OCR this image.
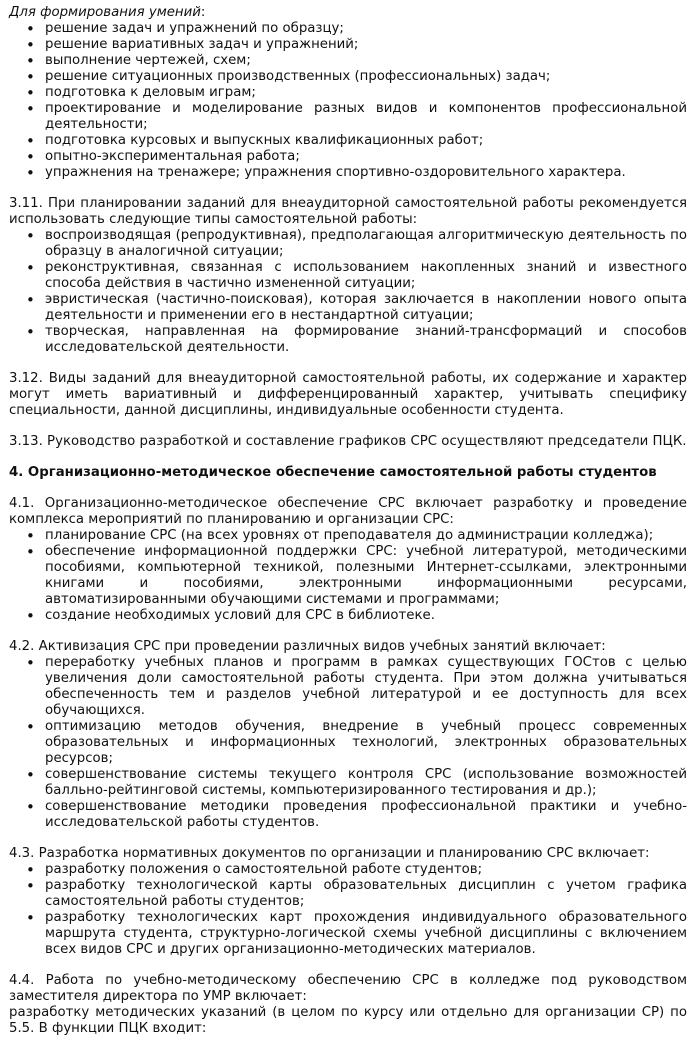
Для формирования умений:

• решение задач и упражнений по образцу;
• решение вариативных задач и упражнений;
• выполнение чертежей, схем;
• решение ситуационных производственных (профессиональных) задач;
• подготовка к деловым играм;
• проектирование и моделирование разных видов и компонентов профессиональной деятельности;
• подготовка курсовых и выпускных квалификационных работ;
• опытно-экспериментальная работа;
• упражнения на тренажере; упражнения спортивно-оздоровительного характера.

3.11. При планировании заданий для внеаудиторной самостоятельной работы рекомендуется использовать следующие типы самостоятельной работы:

• воспроизводящая (репродуктивная), предполагающая алгоритмическую деятельность по образцу в аналогичной ситуации;
• реконструктивная, связанная с использованием накопленных знаний и известного способа действия в частично измененной ситуации;
• эвристическая (частично-поисковая), которая заключается в накоплении нового опыта деятельности и применении его в нестандартной ситуации;
• творческая, направленная на формирование знаний-трансформаций и способов исследовательской деятельности.

3.12. Виды заданий для внеаудиторной самостоятельной работы, их содержание и характер могут иметь вариативный и дифференцированный характер, учитывать специфику специальности, данной дисциплины, индивидуальные особенности студента.

3.13. Руководство разработкой и составление графиков СРС осуществляют председатели ПЦК.

4. Организационно-методическое обеспечение самостоятельной работы студентов

4.1. Организационно-методическое обеспечение СРС включает разработку и проведение комплекса мероприятий по планированию и организации СРС:

• планирование СРС (на всех уровнях от преподавателя до администрации колледжа);
• обеспечение информационной поддержки СРС: учебной литературой, методическими пособиями, компьютерной техникой, полезными Интернет-ссылками, электронными книгами и пособиями, электронными информационными ресурсами, автоматизированными обучающими системами и программами;
• создание необходимых условий для СРС в библиотеке.

4.2. Активизация СРС при проведении различных видов учебных занятий включает:

• переработку учебных планов и программ в рамках существующих ГОСтов с целью увеличения доли самостоятельной работы студента. При этом должна учитываться обеспеченность тем и разделов учебной литературой и ее доступность для всех обучающихся.
• оптимизацию методов обучения, внедрение в учебный процесс современных образовательных и информационных технологий, электронных образовательных ресурсов;
• совершенствование системы текущего контроля СРС (использование возможностей балльно-рейтинговой системы, компьютеризированного тестирования и др.);
• совершенствование методики проведения профессиональной практики и учебно-исследовательской работы студентов.

4.3. Разработка нормативных документов по организации и планированию СРС включает:

• разработку положения о самостоятельной работе студентов;
• разработку технологической карты образовательных дисциплин с учетом графика самостоятельной работы студентов;
• разработку технологических карт прохождения индивидуального образовательного маршрута студента, структурно-логической схемы учебной дисциплины с включением всех видов СРС и других организационно-методических материалов.

4.4. Работа по учебно-методическому обеспечению СРС в колледже под руководством заместителя директора по УМР включает:

разработку методических указаний (в целом по курсу или отдельно для организации СР) по 5.5. В функции ПЦК входит:
